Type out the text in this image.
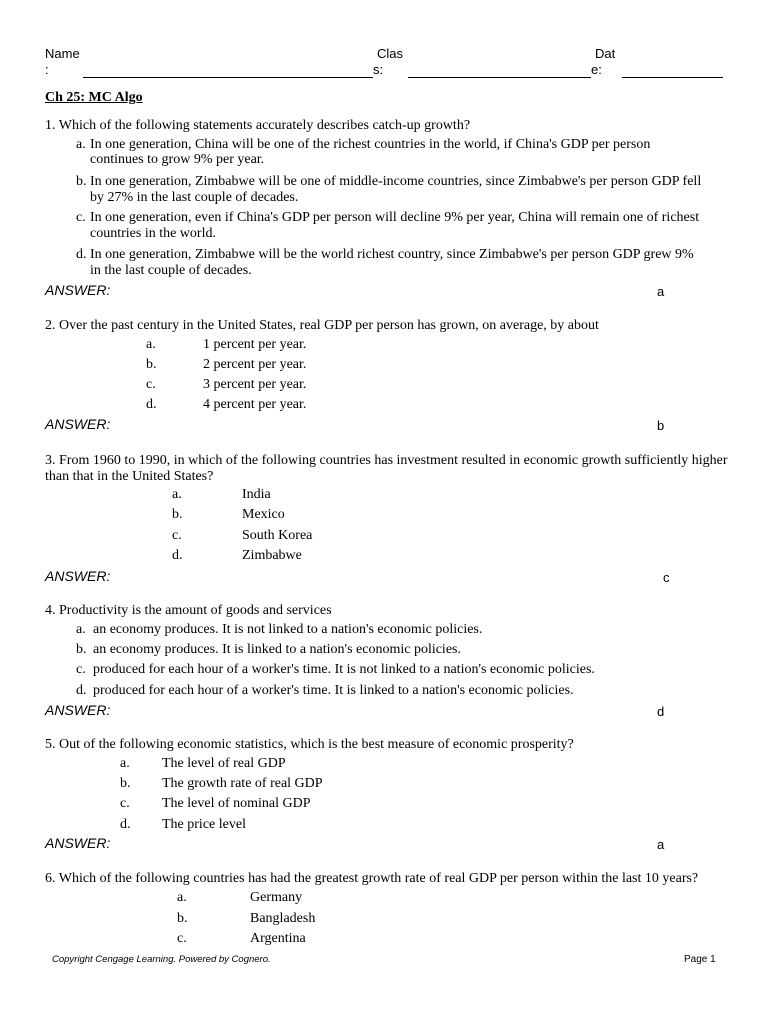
Name
:
Clas
s:
Dat
e:
Ch 25: MC Algo
1. Which of the following statements accurately describes catch-up growth?
a. In one generation, China will be one of the richest countries in the world, if China's GDP per person
continues to grow 9% per year.
b. In one generation, Zimbabwe will be one of middle-income countries, since Zimbabwe's per person GDP fell
by 27% in the last couple of decades.
c. In one generation, even if China's GDP per person will decline 9% per year, China will remain one of richest
countries in the world.
d. In one generation, Zimbabwe will be the world richest country, since Zimbabwe's per person GDP grew 9%
in the last couple of decades.
ANSWER:	a
2. Over the past century in the United States, real GDP per person has grown, on average, by about
a.	1 percent per year.
b.	2 percent per year.
c.	3 percent per year.
d.	4 percent per year.
ANSWER:	b
3. From 1960 to 1990, in which of the following countries has investment resulted in economic growth sufficiently higher
than that in the United States?
a.	India
b.	Mexico
c.	South Korea
d.	Zimbabwe
ANSWER:	c
4. Productivity is the amount of goods and services
a. an economy produces. It is not linked to a nation's economic policies.
b. an economy produces. It is linked to a nation's economic policies.
c. produced for each hour of a worker's time. It is not linked to a nation's economic policies.
d. produced for each hour of a worker's time. It is linked to a nation's economic policies.
ANSWER:	d
5. Out of the following economic statistics, which is the best measure of economic prosperity?
a. The level of real GDP
b. The growth rate of real GDP
c. The level of nominal GDP
d. The price level
ANSWER:	a
6. Which of the following countries has had the greatest growth rate of real GDP per person within the last 10 years?
a.	Germany
b.	Bangladesh
c.	Argentina
Copyright Cengage Learning. Powered by Cognero.	Page 1
